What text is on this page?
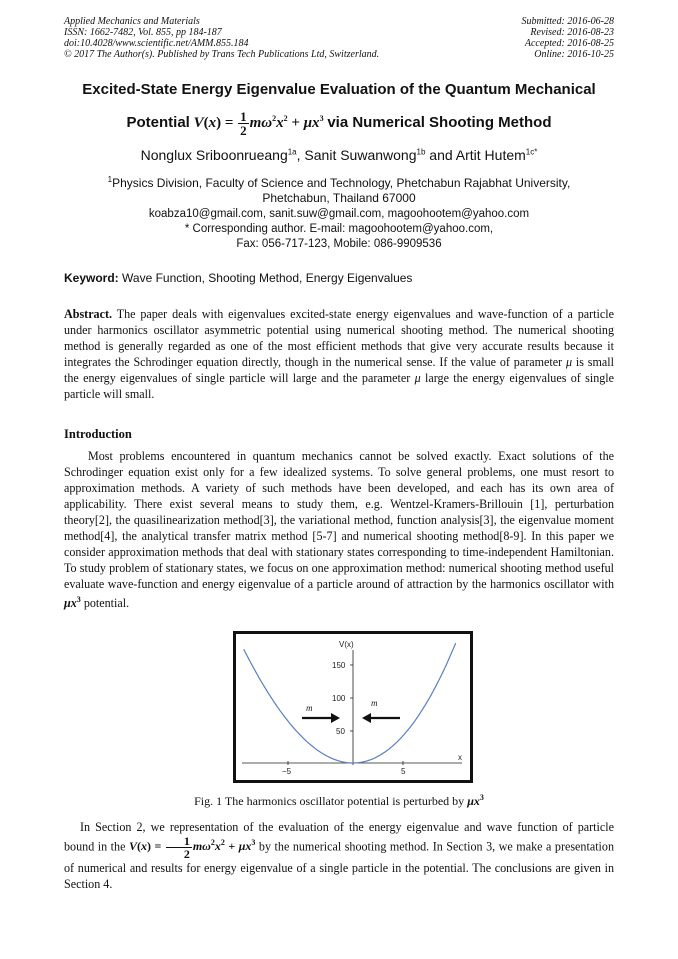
Applied Mechanics and Materials
ISSN: 1662-7482, Vol. 855, pp 184-187
doi:10.4028/www.scientific.net/AMM.855.184
© 2017 The Author(s). Published by Trans Tech Publications Ltd, Switzerland.
Submitted: 2016-06-28
Revised: 2016-08-23
Accepted: 2016-08-25
Online: 2016-10-25
Excited-State Energy Eigenvalue Evaluation of the Quantum Mechanical
Potential $V(x) = \frac{1}{2} m\omega^2x^2 + \mu x^3$ via Numerical Shooting Method
Nonglux Sriboonrueang$^{1a}$, Sanit Suwanwong$^{1b}$ and Artit Hutem$^{1c*}$
$^1$Physics Division, Faculty of Science and Technology, Phetchabun Rajabhat University,
Phetchabun, Thailand 67000
koabza10@gmail.com, sanit.suw@gmail.com, magoohootem@yahoo.com
* Corresponding author. E-mail: magoohootem@yahoo.com,
Fax: 056-717-123, Mobile: 086-9909536
Keyword: Wave Function, Shooting Method, Energy Eigenvalues
Abstract. The paper deals with eigenvalues excited-state energy eigenvalues and wave-function of a particle under harmonics oscillator asymmetric potential using numerical shooting method. The numerical shooting method is generally regarded as one of the most efficient methods that give very accurate results because it integrates the Schrodinger equation directly, though in the numerical sense. If the value of parameter μ is small the energy eigenvalues of single particle will large and the parameter μ large the energy eigenvalues of single particle will small.
Introduction
Most problems encountered in quantum mechanics cannot be solved exactly. Exact solutions of the Schrodinger equation exist only for a few idealized systems. To solve general problems, one must resort to approximation methods. A variety of such methods have been developed, and each has its own area of applicability. There exist several means to study them, e.g. Wentzel-Kramers-Brillouin [1], perturbation theory[2], the quasilinearization method[3], the variational method, function analysis[3], the eigenvalue moment method[4], the analytical transfer matrix method [5-7] and numerical shooting method[8-9]. In this paper we consider approximation methods that deal with stationary states corresponding to time-independent Hamiltonian. To study problem of stationary states, we focus on one approximation method: numerical shooting method useful evaluate wave-function and energy eigenvalue of a particle around of attraction by the harmonics oscillator with $\mu x^3$ potential.
V(x)
150
100
50
−5	5
x
m	m
Fig. 1 The harmonics oscillator potential is perturbed by $\mu x^3$
In Section 2, we representation of the evaluation of the energy eigenvalue and wave function of particle bound in the $V(x) = \frac{1}{2} m\omega^2x^2 + \mu x^3$ by the numerical shooting method. In Section 3, we make a presentation of numerical and results for energy eigenvalue of a single particle in the potential. The conclusions are given in Section 4.
